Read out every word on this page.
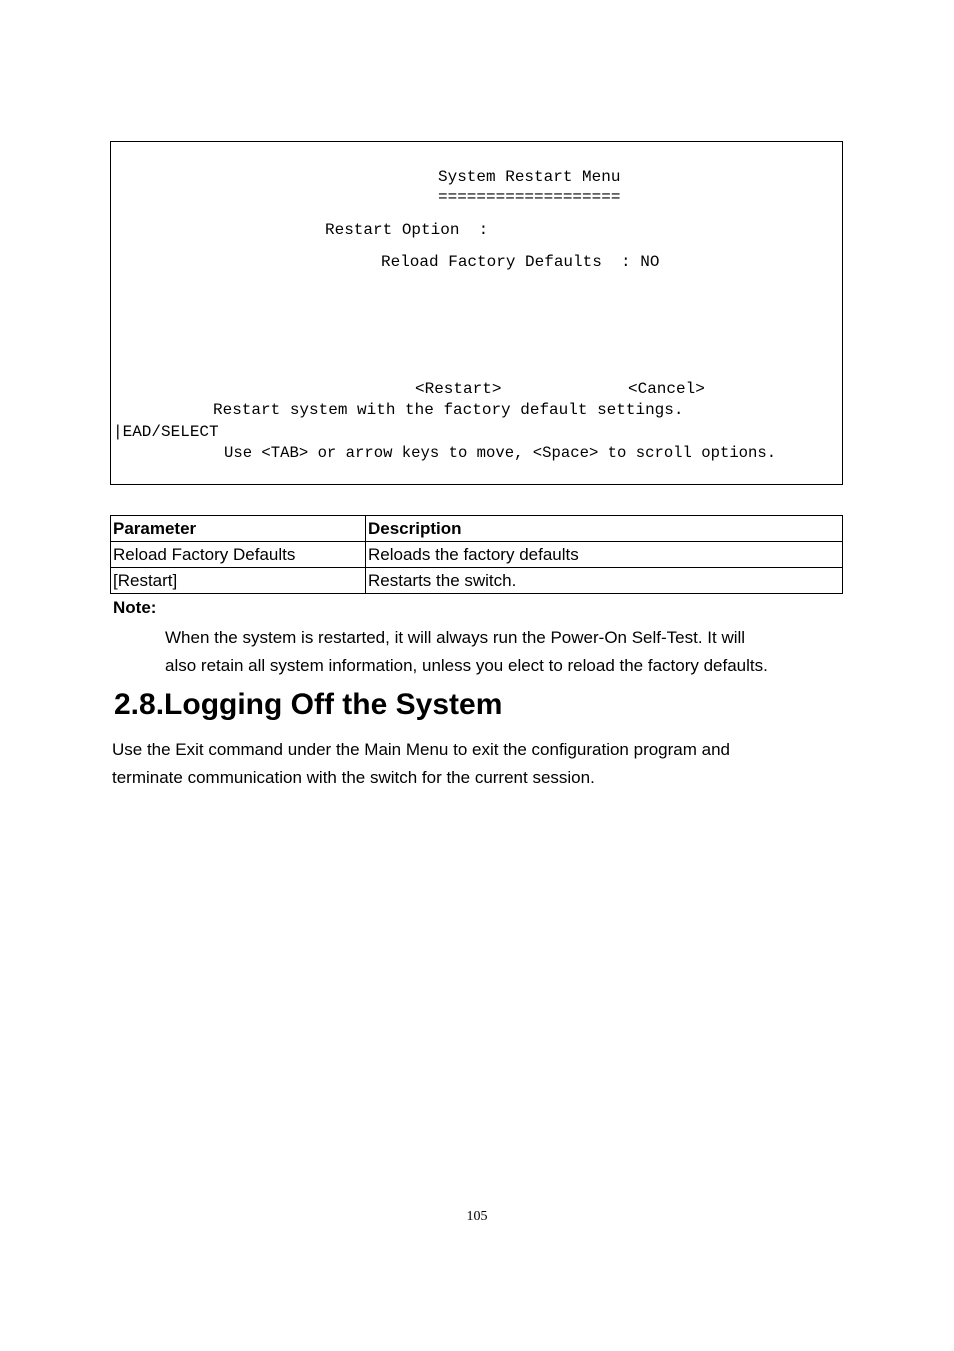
System Restart Menu
===================
Restart Option  :
Reload Factory Defaults  : NO
<Restart>	<Cancel>
Restart system with the factory default settings.
|EAD/SELECT
Use <TAB> or arrow keys to move, <Space> to scroll options.
Parameter	Description
Reload Factory Defaults	Reloads the factory defaults
[Restart]	Restarts the switch.
Note:
When the system is restarted, it will always run the Power-On Self-Test. It will
also retain all system information, unless you elect to reload the factory defaults.
2.8.Logging Off the System
Use the Exit command under the Main Menu to exit the configuration program and
terminate communication with the switch for the current session.
105
